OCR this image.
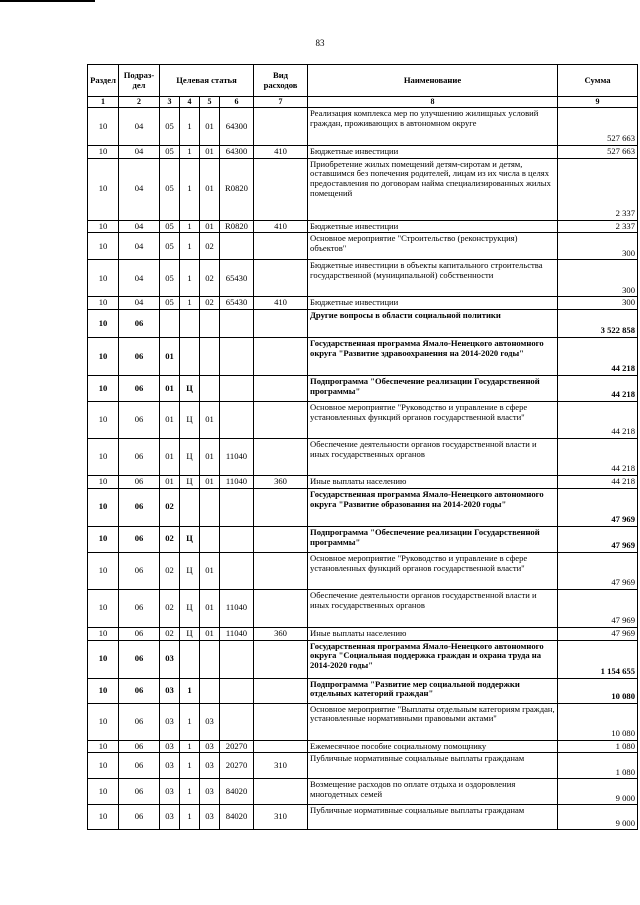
83
Раздел	Подраз-дел	Целевая статья				Вид расходов	Наименование	Сумма
1	2	3	4	5	6	7	8	9
10	04	05	1	01	64300		Реализация комплекса мер по улучшению жилищных условий граждан, проживающих в автономном округе	527 663
10	04	05	1	01	64300	410	Бюджетные инвестиции	527 663
10	04	05	1	01	R0820		Приобретение жилых помещений детям-сиротам и детям, оставшимся без попечения родителей, лицам из их числа в целях предоставления по договорам найма специализированных жилых помещений	2 337
10	04	05	1	01	R0820	410	Бюджетные инвестиции	2 337
10	04	05	1	02			Основное мероприятие "Строительство (реконструкция) объектов"	300
10	04	05	1	02	65430		Бюджетные инвестиции в объекты капитального строительства государственной (муниципальной) собственности	300
10	04	05	1	02	65430	410	Бюджетные инвестиции	300
10	06						Другие вопросы в области социальной политики	3 522 858
10	06	01					Государственная программа Ямало-Ненецкого автономного округа "Развитие здравоохранения на 2014-2020 годы"	44 218
10	06	01	Ц				Подпрограмма "Обеспечение реализации Государственной программы"	44 218
10	06	01	Ц	01			Основное мероприятие "Руководство и управление в сфере установленных функций органов государственной власти"	44 218
10	06	01	Ц	01	11040		Обеспечение деятельности органов государственной власти и иных государственных органов	44 218
10	06	01	Ц	01	11040	360	Иные выплаты населению	44 218
10	06	02					Государственная программа Ямало-Ненецкого автономного округа "Развитие образования на 2014-2020 годы"	47 969
10	06	02	Ц				Подпрограмма "Обеспечение реализации Государственной программы"	47 969
10	06	02	Ц	01			Основное мероприятие "Руководство и управление в сфере установленных функций органов государственной власти"	47 969
10	06	02	Ц	01	11040		Обеспечение деятельности органов государственной власти и иных государственных органов	47 969
10	06	02	Ц	01	11040	360	Иные выплаты населению	47 969
10	06	03					Государственная программа Ямало-Ненецкого автономного округа "Социальная поддержка граждан и охрана труда на 2014-2020 годы"	1 154 655
10	06	03	1				Подпрограмма "Развитие мер социальной поддержки отдельных категорий граждан"	10 080
10	06	03	1	03			Основное мероприятие "Выплаты отдельным категориям граждан, установленные нормативными правовыми актами"	10 080
10	06	03	1	03	20270		Ежемесячное пособие социальному помощнику	1 080
10	06	03	1	03	20270	310	Публичные нормативные социальные выплаты гражданам	1 080
10	06	03	1	03	84020		Возмещение расходов по оплате отдыха и оздоровления многодетных семей	9 000
10	06	03	1	03	84020	310	Публичные нормативные социальные выплаты гражданам	9 000
